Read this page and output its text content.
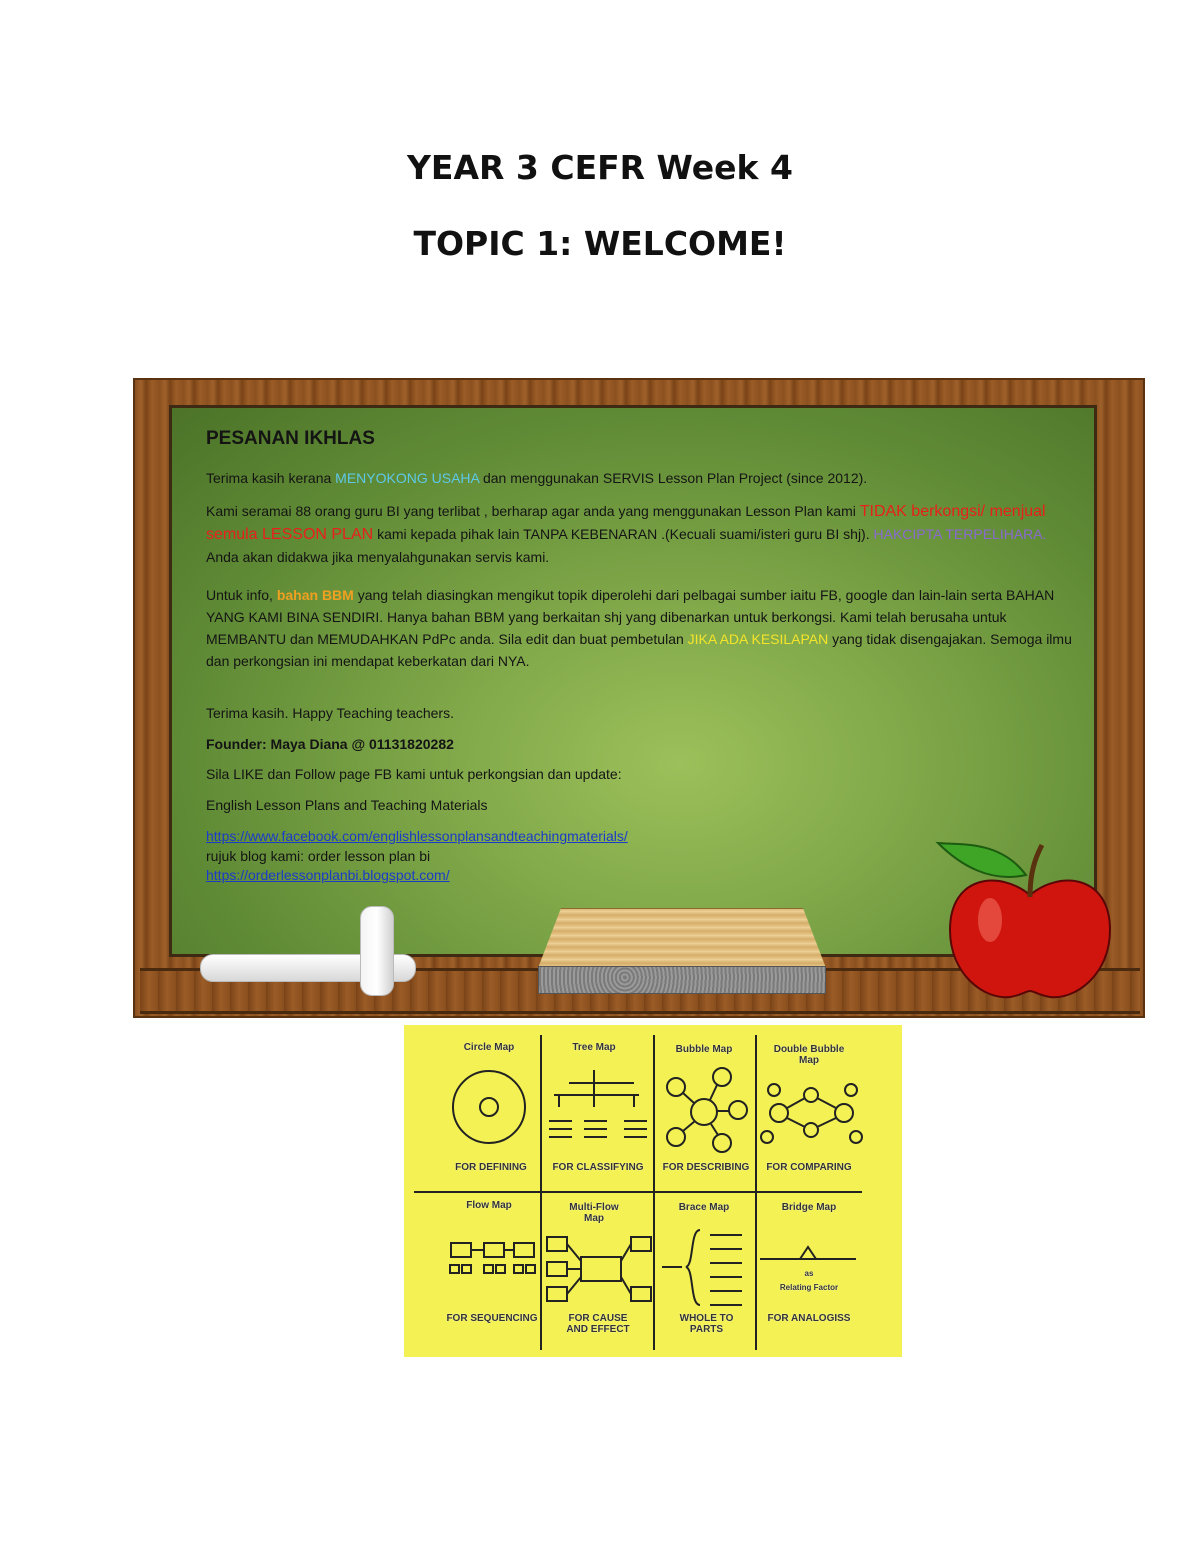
YEAR 3 CEFR Week 4
TOPIC 1: WELCOME!
PESANAN IKHLAS
Terima kasih kerana MENYOKONG USAHA dan menggunakan SERVIS Lesson Plan Project (since 2012).
Kami seramai 88 orang guru BI yang terlibat , berharap agar anda yang menggunakan Lesson Plan kami TIDAK berkongsi/ menjual semula LESSON PLAN kami kepada pihak lain TANPA KEBENARAN .(Kecuali suami/isteri guru BI shj). HAKCIPTA TERPELIHARA. Anda akan didakwa jika menyalahgunakan servis kami.
Untuk info, bahan BBM yang telah diasingkan mengikut topik diperolehi dari pelbagai sumber iaitu FB, google dan lain-lain serta BAHAN YANG KAMI BINA SENDIRI. Hanya bahan BBM yang berkaitan shj yang dibenarkan untuk berkongsi. Kami telah berusaha untuk MEMBANTU dan MEMUDAHKAN PdPc anda. Sila edit dan buat pembetulan JIKA ADA KESILAPAN yang tidak disengajakan. Semoga ilmu dan perkongsian ini mendapat keberkatan dari NYA.
Terima kasih. Happy Teaching teachers.
Founder: Maya Diana @ 01131820282
Sila LIKE dan Follow page FB kami untuk perkongsian dan update:
English Lesson Plans and Teaching Materials
https://www.facebook.com/englishlessonplansandteachingmaterials/
rujuk blog kami: order lesson plan bi
https://orderlessonplanbi.blogspot.com/
Circle Map	Tree Map	Bubble Map	Double Bubble Map
FOR DEFINING	FOR CLASSIFYING	FOR DESCRIBING	FOR COMPARING
Flow Map	Multi-Flow Map
Brace Map	Bridge Map
as
Relating Factor
FOR SEQUENCING	FOR CAUSE AND EFFECT
WHOLE TO PARTS
FOR ANALOGISS
